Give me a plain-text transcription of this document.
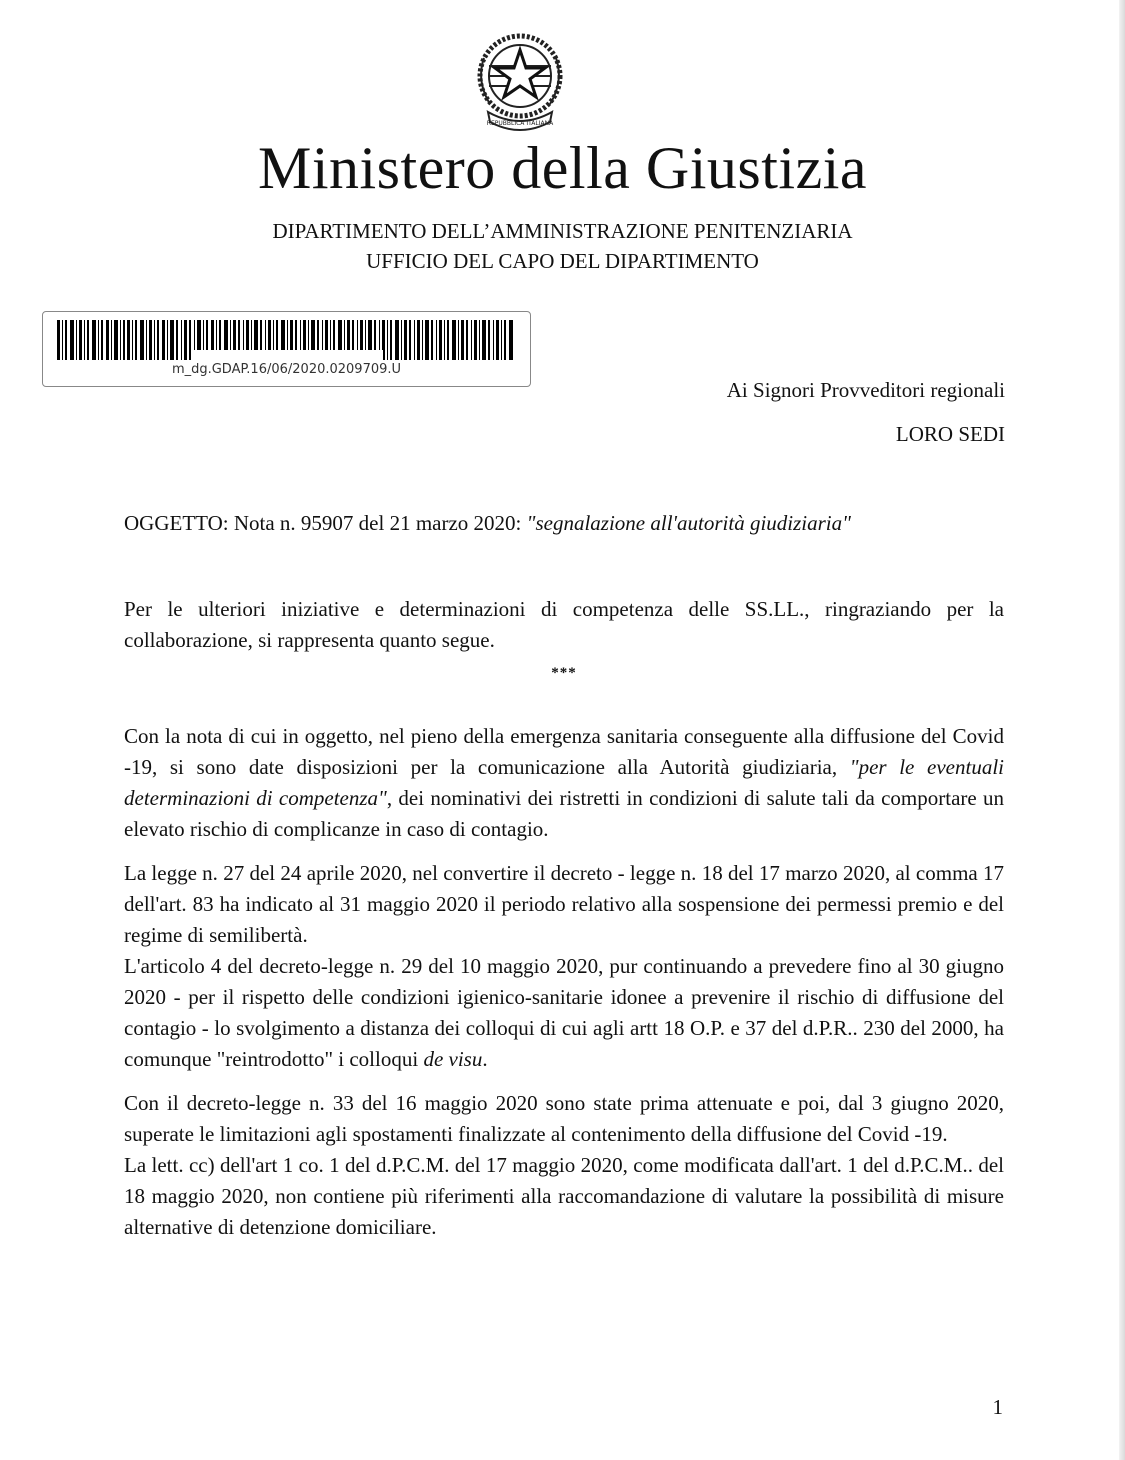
REPUBBLICA ITALIANA
Ministero della Giustizia
DIPARTIMENTO DELL’AMMINISTRAZIONE PENITENZIARIA
UFFICIO DEL CAPO DEL DIPARTIMENTO
m_dg.GDAP.16/06/2020.0209709.U
Ai Signori Provveditori regionali
LORO SEDI

OGGETTO: Nota n. 95907 del 21 marzo 2020: "segnalazione all'autorità giudiziaria"

Per le ulteriori iniziative e determinazioni di competenza delle SS.LL., ringraziando per la collaborazione, si rappresenta quanto segue.

***

Con la nota di cui in oggetto, nel pieno della emergenza sanitaria conseguente alla diffusione del Covid -19, si sono date disposizioni per la comunicazione alla Autorità giudiziaria, "per le eventuali determinazioni di competenza", dei nominativi dei ristretti in condizioni di salute tali da comportare un elevato rischio di complicanze in caso di contagio.

La legge n. 27 del 24 aprile 2020, nel convertire il decreto - legge n. 18 del 17 marzo 2020, al comma 17 dell'art. 83 ha indicato al 31 maggio 2020 il periodo relativo alla sospensione dei permessi premio e del regime di semilibertà.

L'articolo 4 del decreto-legge n. 29 del 10 maggio 2020, pur continuando a prevedere fino al 30 giugno 2020 - per il rispetto delle condizioni igienico-sanitarie idonee a prevenire il rischio di diffusione del contagio - lo svolgimento a distanza dei colloqui di cui agli artt 18 O.P. e 37 del d.P.R.. 230 del 2000, ha comunque "reintrodotto" i colloqui de visu.

Con il decreto-legge n. 33 del 16 maggio 2020 sono state prima attenuate e poi, dal 3 giugno 2020, superate le limitazioni agli spostamenti finalizzate al contenimento della diffusione del Covid -19.

La lett. cc) dell'art 1 co. 1 del d.P.C.M. del 17 maggio 2020, come modificata dall'art. 1 del d.P.C.M.. del 18 maggio 2020, non contiene più riferimenti alla raccomandazione di valutare la possibilità di misure alternative di detenzione domiciliare.

1
